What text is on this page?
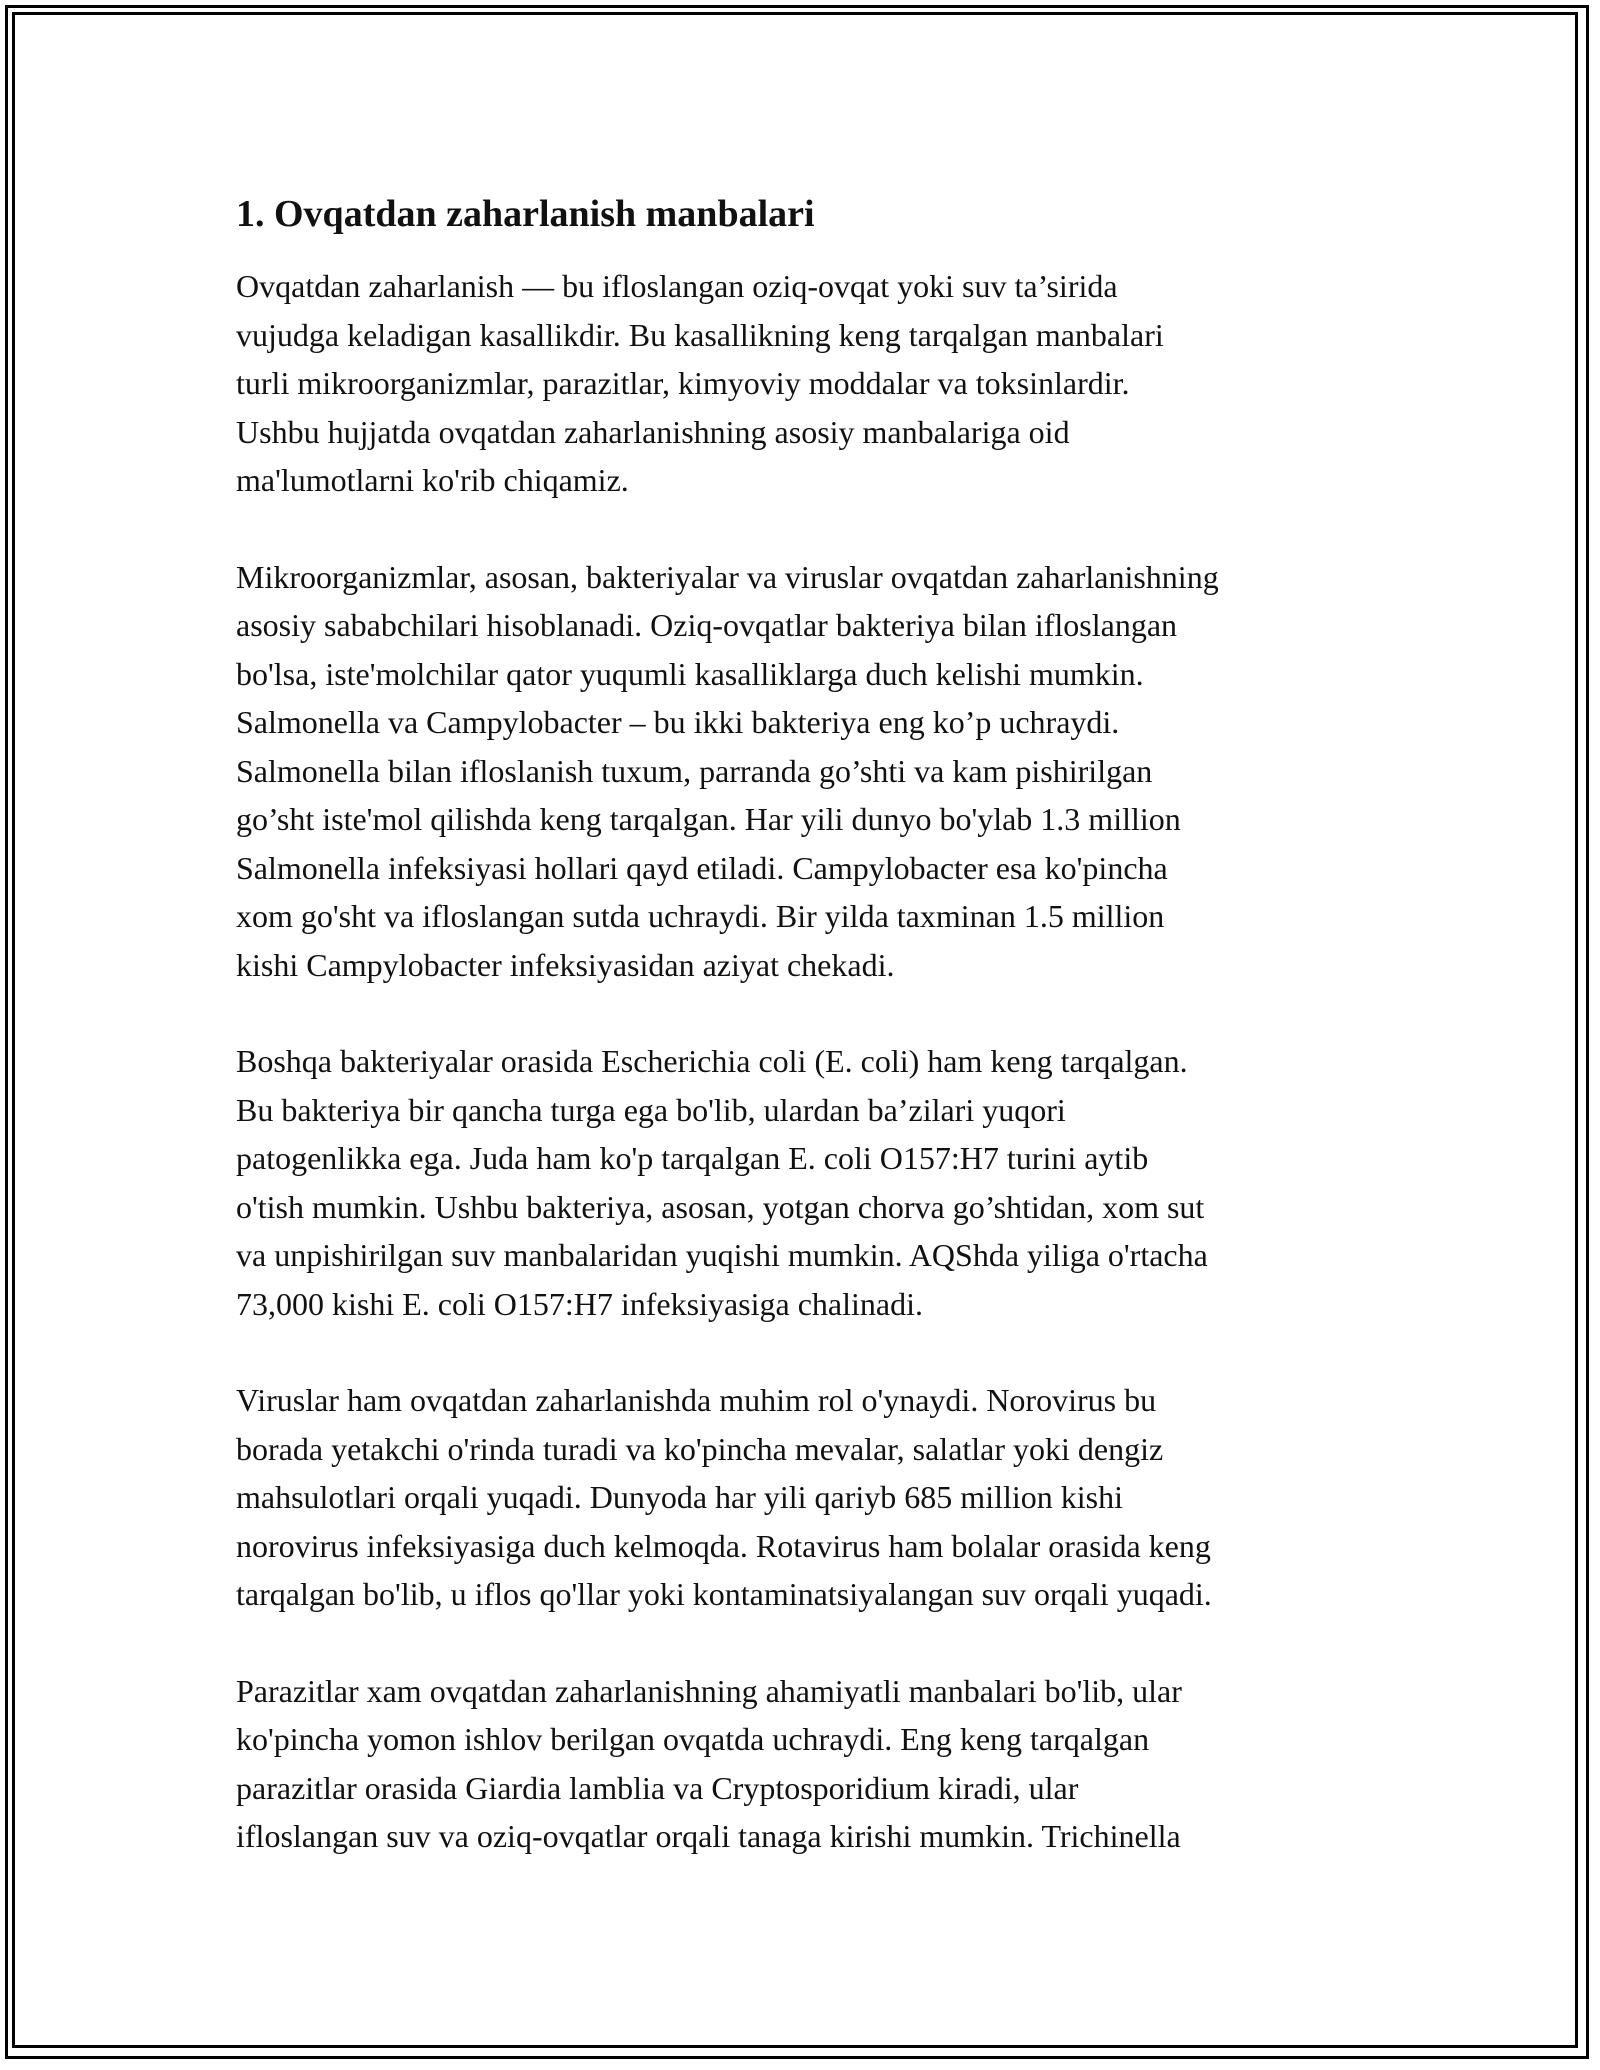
1. Ovqatdan zaharlanish manbalari
Ovqatdan zaharlanish — bu ifloslangan oziq-ovqat yoki suv ta’sirida
vujudga keladigan kasallikdir. Bu kasallikning keng tarqalgan manbalari
turli mikroorganizmlar, parazitlar, kimyoviy moddalar va toksinlardir.
Ushbu hujjatda ovqatdan zaharlanishning asosiy manbalariga oid
ma'lumotlarni ko'rib chiqamiz.
Mikroorganizmlar, asosan, bakteriyalar va viruslar ovqatdan zaharlanishning
asosiy sababchilari hisoblanadi. Oziq-ovqatlar bakteriya bilan ifloslangan
bo'lsa, iste'molchilar qator yuqumli kasalliklarga duch kelishi mumkin.
Salmonella va Campylobacter – bu ikki bakteriya eng ko’p uchraydi.
Salmonella bilan ifloslanish tuxum, parranda go’shti va kam pishirilgan
go’sht iste'mol qilishda keng tarqalgan. Har yili dunyo bo'ylab 1.3 million
Salmonella infeksiyasi hollari qayd etiladi. Campylobacter esa ko'pincha
xom go'sht va ifloslangan sutda uchraydi. Bir yilda taxminan 1.5 million
kishi Campylobacter infeksiyasidan aziyat chekadi.
Boshqa bakteriyalar orasida Escherichia coli (E. coli) ham keng tarqalgan.
Bu bakteriya bir qancha turga ega bo'lib, ulardan ba’zilari yuqori
patogenlikka ega. Juda ham ko'p tarqalgan E. coli O157:H7 turini aytib
o'tish mumkin. Ushbu bakteriya, asosan, yotgan chorva go’shtidan, xom sut
va unpishirilgan suv manbalaridan yuqishi mumkin. AQShda yiliga o'rtacha
73,000 kishi E. coli O157:H7 infeksiyasiga chalinadi.
Viruslar ham ovqatdan zaharlanishda muhim rol o'ynaydi. Norovirus bu
borada yetakchi o'rinda turadi va ko'pincha mevalar, salatlar yoki dengiz
mahsulotlari orqali yuqadi. Dunyoda har yili qariyb 685 million kishi
norovirus infeksiyasiga duch kelmoqda. Rotavirus ham bolalar orasida keng
tarqalgan bo'lib, u iflos qo'llar yoki kontaminatsiyalangan suv orqali yuqadi.
Parazitlar xam ovqatdan zaharlanishning ahamiyatli manbalari bo'lib, ular
ko'pincha yomon ishlov berilgan ovqatda uchraydi. Eng keng tarqalgan
parazitlar orasida Giardia lamblia va Cryptosporidium kiradi, ular
ifloslangan suv va oziq-ovqatlar orqali tanaga kirishi mumkin. Trichinella
